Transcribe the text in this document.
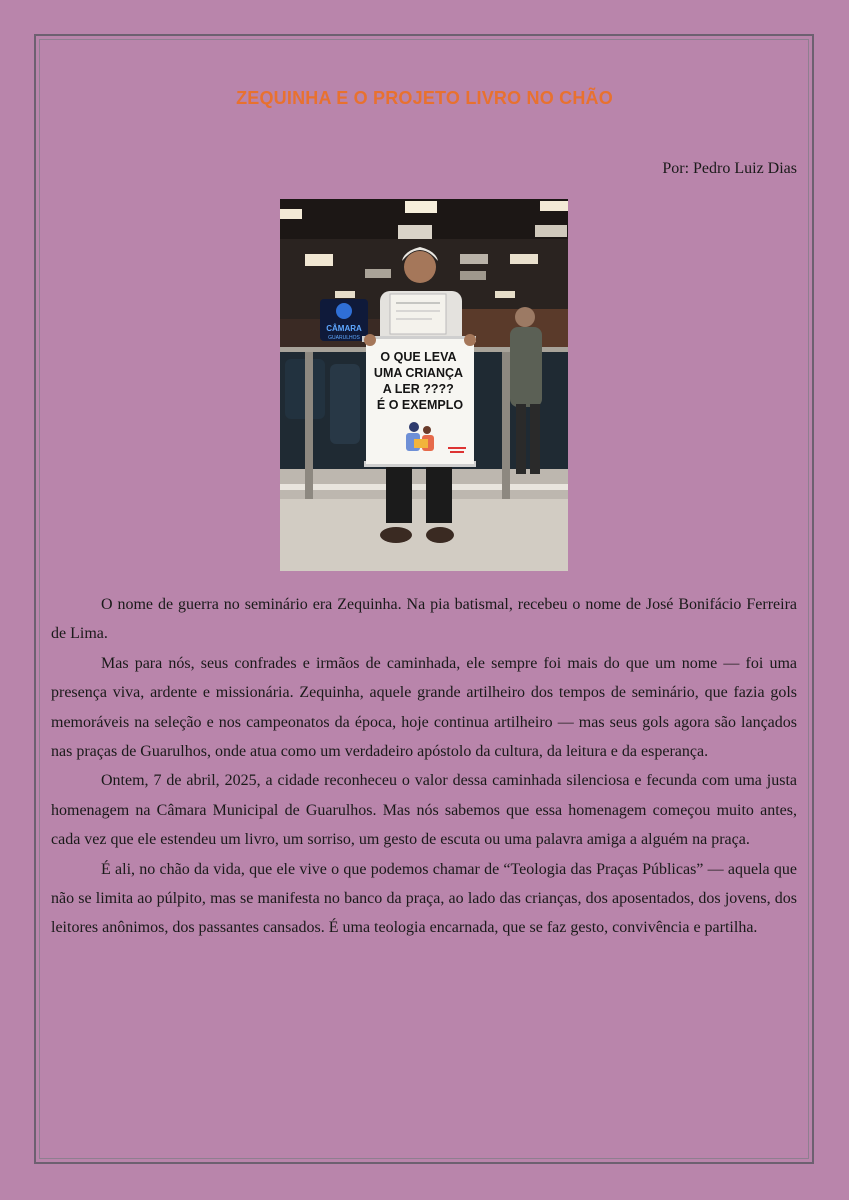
ZEQUINHA E O PROJETO LIVRO NO CHÃO
Por: Pedro Luiz Dias
CÂMARA
GUARULHOS
O QUE LEVA UMA CRIANÇA A LER ???? É O EXEMPLO

O nome de guerra no seminário era Zequinha. Na pia batismal, recebeu o nome de José Bonifácio Ferreira de Lima.

Mas para nós, seus confrades e irmãos de caminhada, ele sempre foi mais do que um nome — foi uma presença viva, ardente e missionária. Zequinha, aquele grande artilheiro dos tempos de seminário, que fazia gols memoráveis na seleção e nos campeonatos da época, hoje continua artilheiro — mas seus gols agora são lançados nas praças de Guarulhos, onde atua como um verdadeiro apóstolo da cultura, da leitura e da esperança.

Ontem, 7 de abril, 2025, a cidade reconheceu o valor dessa caminhada silenciosa e fecunda com uma justa homenagem na Câmara Municipal de Guarulhos. Mas nós sabemos que essa homenagem começou muito antes, cada vez que ele estendeu um livro, um sorriso, um gesto de escuta ou uma palavra amiga a alguém na praça.

É ali, no chão da vida, que ele vive o que podemos chamar de “Teologia das Praças Públicas” — aquela que não se limita ao púlpito, mas se manifesta no banco da praça, ao lado das crianças, dos aposentados, dos jovens, dos leitores anônimos, dos passantes cansados. É uma teologia encarnada, que se faz gesto, convivência e partilha.
